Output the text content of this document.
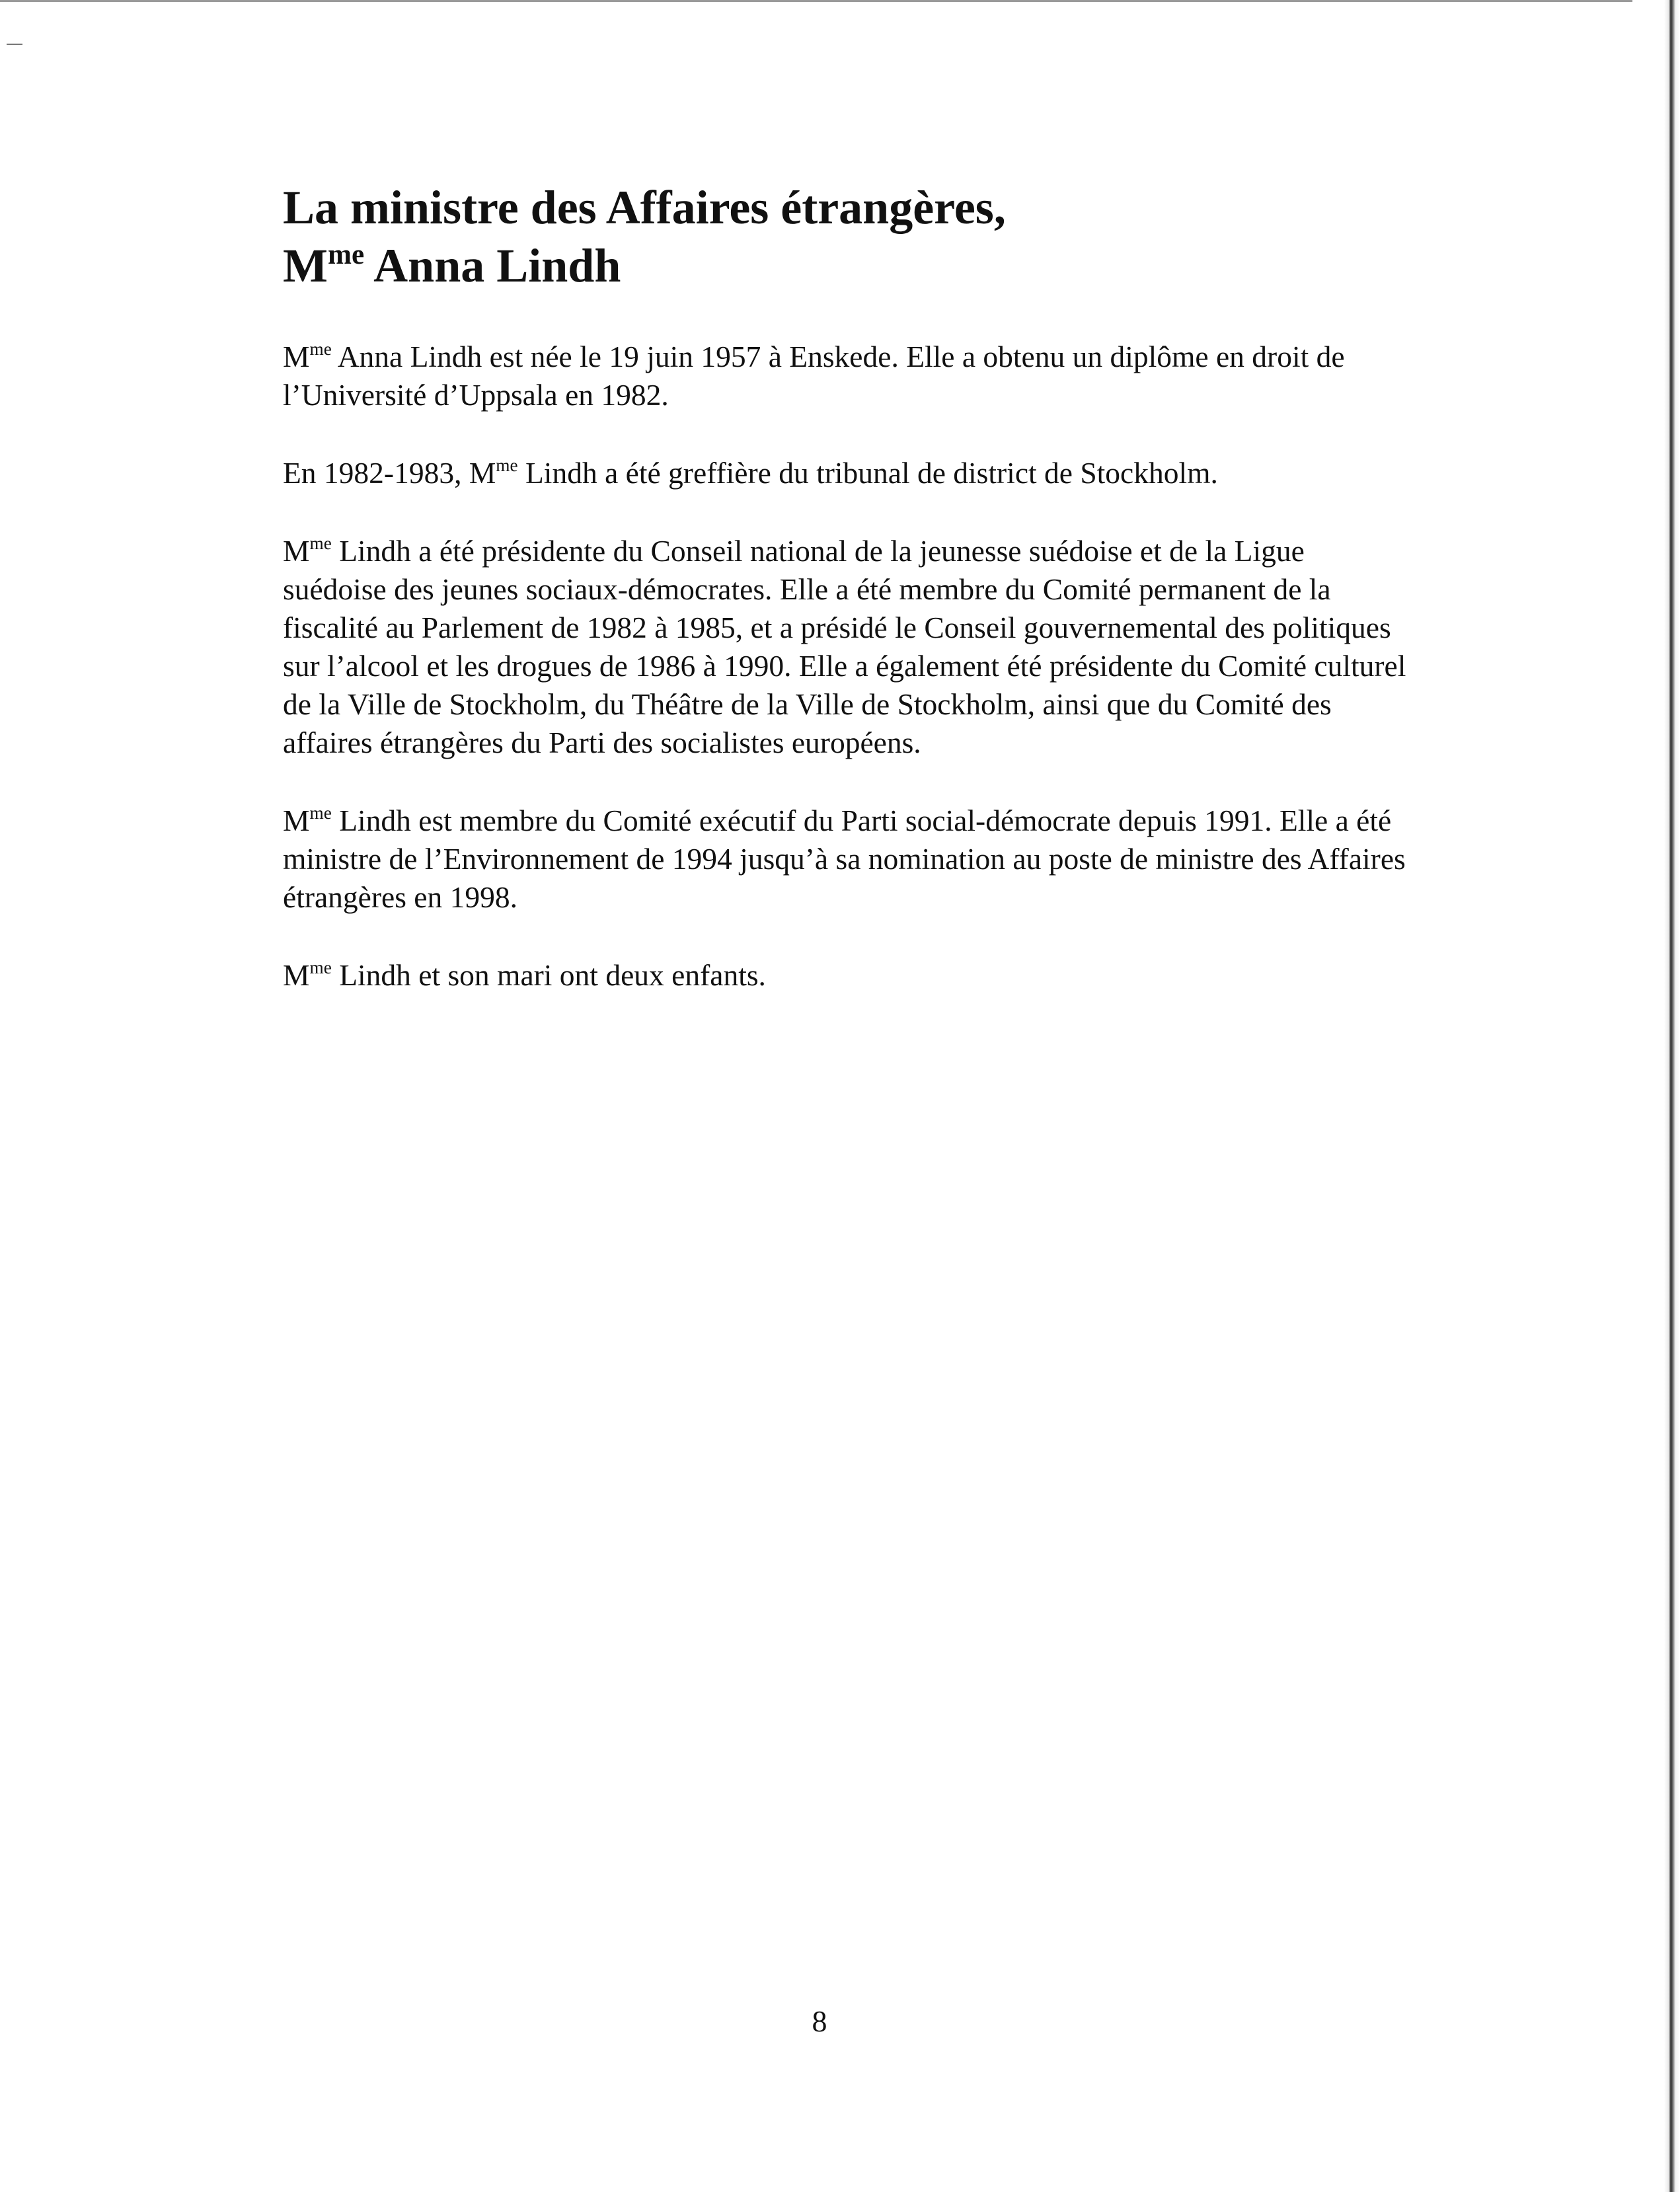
La ministre des Affaires étrangères,
$M^{me}$ Anna Lindh

$M^{me}$ Anna Lindh est née le 19 juin 1957 à Enskede. Elle a obtenu un diplôme en droit de l’Université d’Uppsala en 1982.

En 1982-1983, $M^{me}$ Lindh a été greffière du tribunal de district de Stockholm.

$M^{me}$ Lindh a été présidente du Conseil national de la jeunesse suédoise et de la Ligue suédoise des jeunes sociaux-démocrates. Elle a été membre du Comité permanent de la fiscalité au Parlement de 1982 à 1985, et a présidé le Conseil gouvernemental des politiques sur l’alcool et les drogues de 1986 à 1990. Elle a également été présidente du Comité culturel de la Ville de Stockholm, du Théâtre de la Ville de Stockholm, ainsi que du Comité des affaires étrangères du Parti des socialistes européens.

$M^{me}$ Lindh est membre du Comité exécutif du Parti social-démocrate depuis 1991. Elle a été ministre de l’Environnement de 1994 jusqu’à sa nomination au poste de ministre des Affaires étrangères en 1998.

$M^{me}$ Lindh et son mari ont deux enfants.

8
